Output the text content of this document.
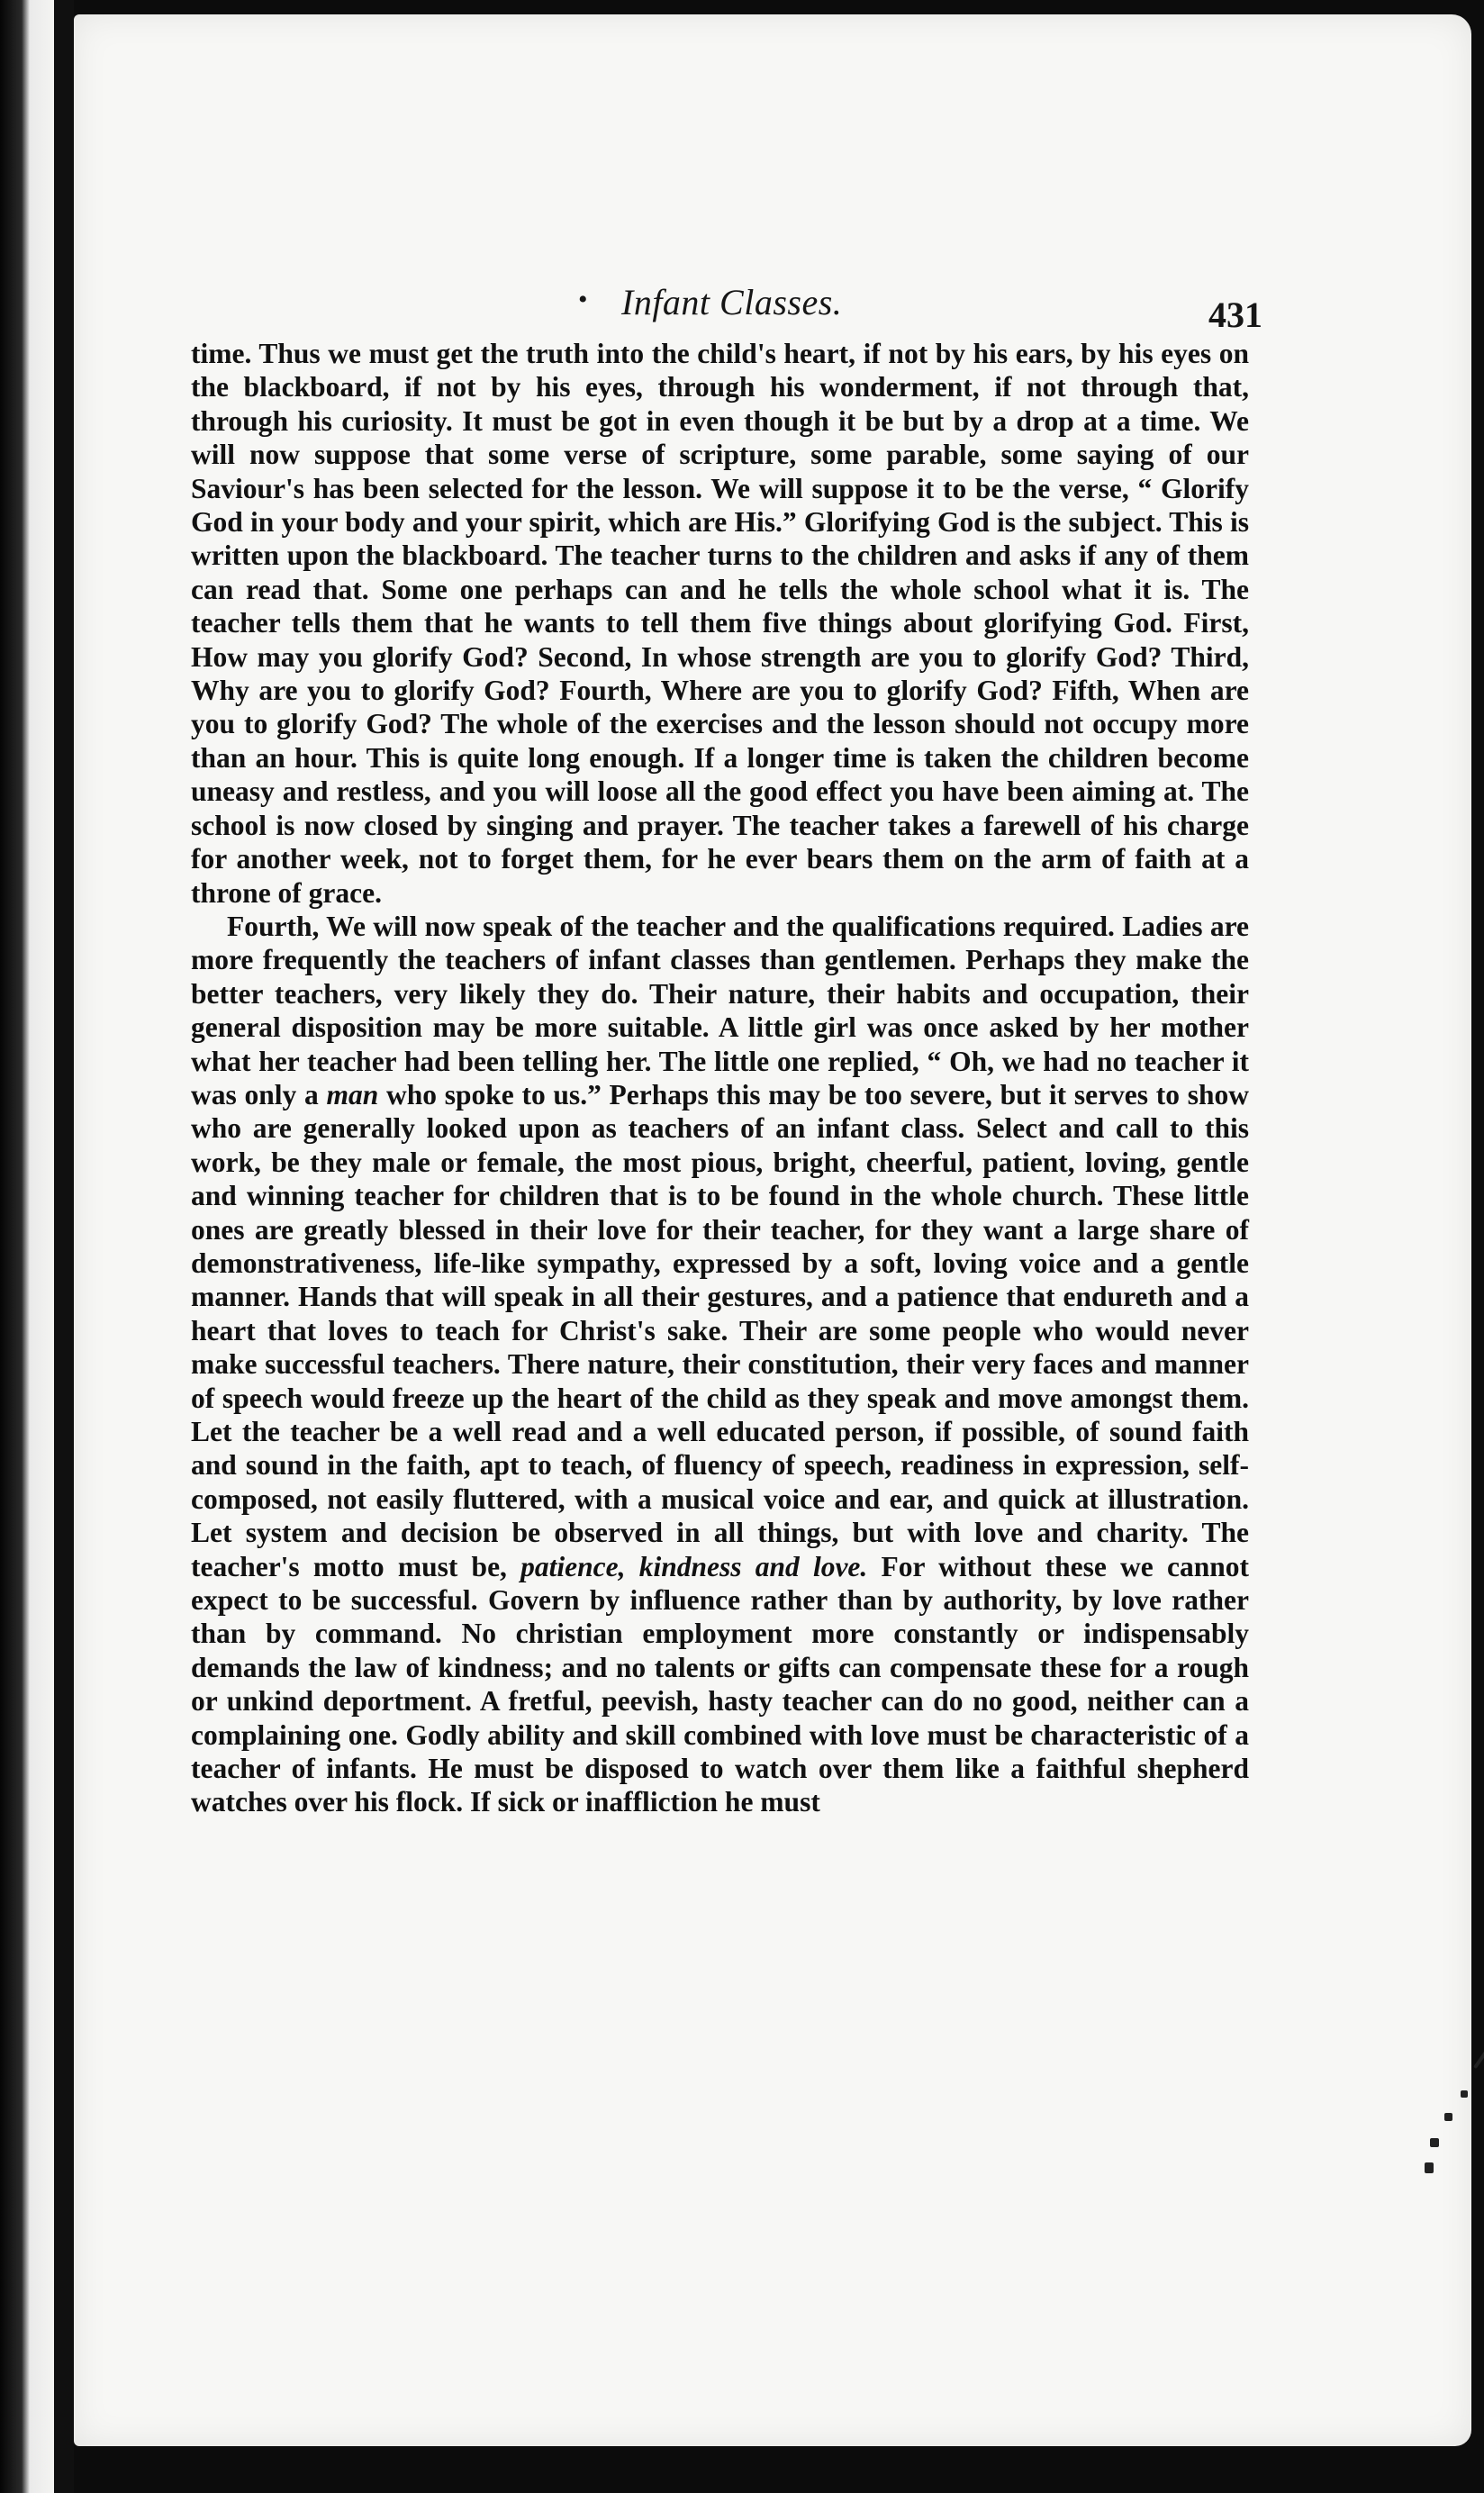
• Infant Classes.	431

time. Thus we must get the truth into the child's heart, if not by his ears, by his eyes on the blackboard, if not by his eyes, through his wonderment, if not through that, through his curiosity. It must be got in even though it be but by a drop at a time. We will now suppose that some verse of scripture, some parable, some saying of our Saviour's has been selected for the lesson. We will suppose it to be the verse, “ Glorify God in your body and your spirit, which are His.” Glorifying God is the subject. This is written upon the blackboard. The teacher turns to the children and asks if any of them can read that. Some one perhaps can and he tells the whole school what it is. The teacher tells them that he wants to tell them five things about glorifying God. First, How may you glorify God? Second, In whose strength are you to glorify God? Third, Why are you to glorify God? Fourth, Where are you to glorify God? Fifth, When are you to glorify God? The whole of the exercises and the lesson should not occupy more than an hour. This is quite long enough. If a longer time is taken the children become uneasy and restless, and you will loose all the good effect you have been aiming at. The school is now closed by singing and prayer. The teacher takes a farewell of his charge for another week, not to forget them, for he ever bears them on the arm of faith at a throne of grace.

Fourth, We will now speak of the teacher and the qualifications required. Ladies are more frequently the teachers of infant classes than gentlemen. Perhaps they make the better teachers, very likely they do. Their nature, their habits and occupation, their general disposition may be more suitable. A little girl was once asked by her mother what her teacher had been telling her. The little one replied, “ Oh, we had no teacher it was only a man who spoke to us.” Perhaps this may be too severe, but it serves to show who are generally looked upon as teachers of an infant class. Select and call to this work, be they male or female, the most pious, bright, cheerful, patient, loving, gentle and winning teacher for children that is to be found in the whole church. These little ones are greatly blessed in their love for their teacher, for they want a large share of demonstrativeness, life-like sympathy, expressed by a soft, loving voice and a gentle manner. Hands that will speak in all their gestures, and a patience that endureth and a heart that loves to teach for Christ's sake. Their are some people who would never make successful teachers. There nature, their constitution, their very faces and manner of speech would freeze up the heart of the child as they speak and move amongst them. Let the teacher be a well read and a well educated person, if possible, of sound faith and sound in the faith, apt to teach, of fluency of speech, readiness in expression, self-composed, not easily fluttered, with a musical voice and ear, and quick at illustration. Let system and decision be observed in all things, but with love and charity. The teacher's motto must be, patience, kindness and love. For without these we cannot expect to be successful. Govern by influence rather than by authority, by love rather than by command. No christian employment more constantly or indispensably demands the law of kindness; and no talents or gifts can compensate these for a rough or unkind deportment. A fretful, peevish, hasty teacher can do no good, neither can a complaining one. Godly ability and skill combined with love must be characteristic of a teacher of infants. He must be disposed to watch over them like a faithful shepherd watches over his flock. If sick or inaffliction he must
